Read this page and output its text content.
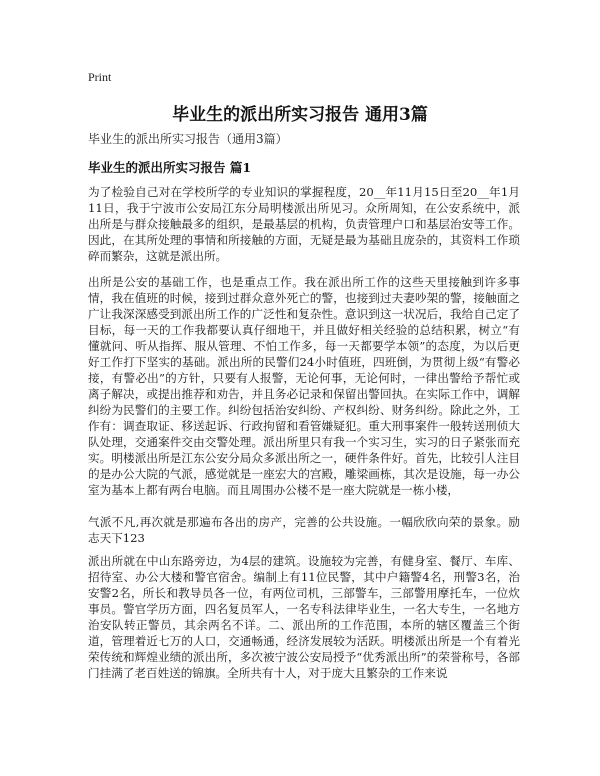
Print
毕业生的派出所实习报告 通用3篇
毕业生的派出所实习报告（通用3篇）
毕业生的派出所实习报告 篇1

为了检验自己对在学校所学的专业知识的掌握程度，20__年11月15日至20__年1月11日，我于宁波市公安局江东分局明楼派出所见习。众所周知，在公安系统中，派出所是与群众接触最多的组织，是最基层的机构，负责管理户口和基层治安等工作。因此，在其所处理的事情和所接触的方面，无疑是最为基础且庞杂的，其资料工作琐碎而繁杂，这就是派出所。

出所是公安的基础工作，也是重点工作。我在派出所工作的这些天里接触到许多事情，我在值班的时候，接到过群众意外死亡的警，也接到过夫妻吵架的警，接触面之广让我深深感受到派出所工作的广泛性和复杂性。意识到这一状况后，我给自己定了目标，每一天的工作我都要认真仔细地干，并且做好相关经验的总结积累，树立“有懂就问、听从指挥、服从管理、不怕工作多，每一天都要学本领”的态度，为以后更好工作打下坚实的基础。派出所的民警们24小时值班，四班倒，为贯彻上级“有警必接，有警必出”的方针，只要有人报警，无论何事，无论何时，一律出警给予帮忙或离子解决，或提出推荐和劝告，并且务必记录和保留出警回执。在实际工作中，调解纠纷为民警们的主要工作。纠纷包括治安纠纷、产权纠纷、财务纠纷。除此之外，工作有：调查取证、移送起诉、行政拘留和看管嫌疑犯。重大刑事案件一般转送刑侦大队处理，交通案件交由交警处理。派出所里只有我一个实习生，实习的日子紧张而充实。明楼派出所是江东公安分局众多派出所之一，硬件条件好。首先，比较引人注目的是办公大院的气派，感觉就是一座宏大的宫殿，雕梁画栋，其次是设施，每一办公室为基本上都有两台电脑。而且周围办公楼不是一座大院就是一栋小楼，

气派不凡,再次就是那遍布各出的房产，完善的公共设施。一幅欣欣向荣的景象。励志天下123

派出所就在中山东路旁边，为4层的建筑。设施较为完善，有健身室、餐厅、车库、招待室、办公大楼和警官宿舍。编制上有11位民警，其中户籍警4名，刑警3名，治安警2名，所长和教导员各一位，有两位司机，三部警车，三部警用摩托车，一位炊事员。警官学历方面，四名复员军人，一名专科法律毕业生，一名大专生，一名地方治安队转正警员，其余两名不详。二、派出所的工作范围，本所的辖区覆盖三个街道，管理着近七万的人口，交通畅通，经济发展较为活跃。明楼派出所是一个有着光荣传统和辉煌业绩的派出所，多次被宁波公安局授予“优秀派出所”的荣誉称号，各部门挂满了老百姓送的锦旗。全所共有十人，对于庞大且繁杂的工作来说
